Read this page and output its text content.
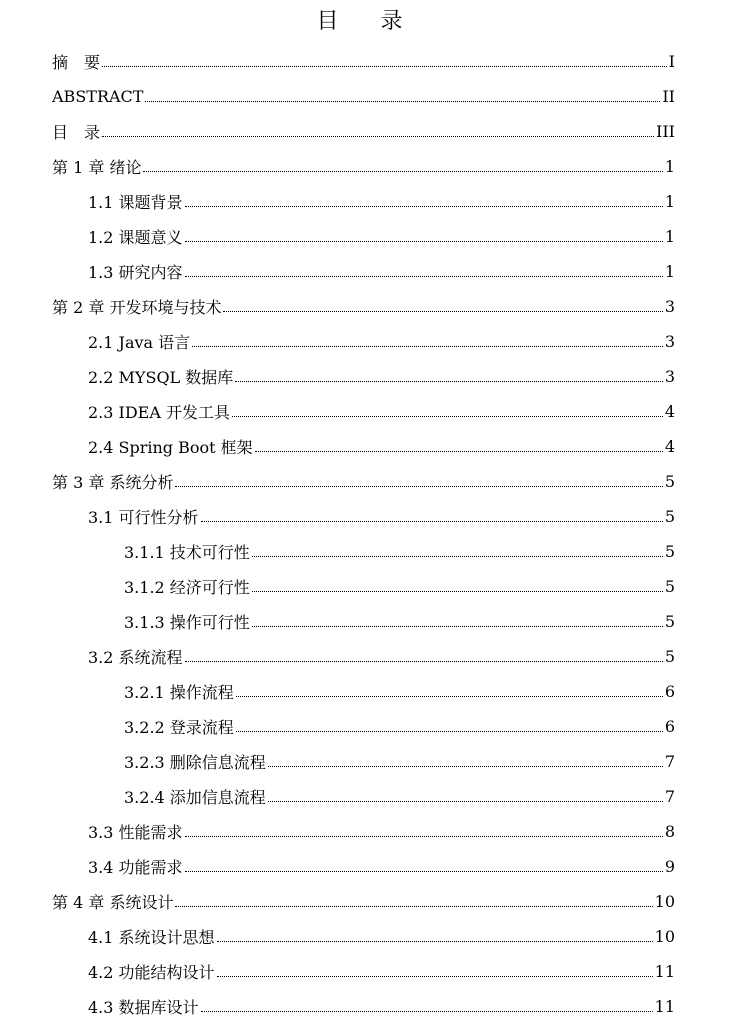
目　录
摘　要	I
ABSTRACT	II
目　录	III
第 1 章 绪论	1
1.1 课题背景	1
1.2 课题意义	1
1.3 研究内容	1
第 2 章 开发环境与技术	3
2.1 Java 语言	3
2.2 MYSQL 数据库	3
2.3 IDEA 开发工具	4
2.4 Spring Boot 框架	4
第 3 章 系统分析	5
3.1 可行性分析	5
3.1.1 技术可行性	5
3.1.2 经济可行性	5
3.1.3 操作可行性	5
3.2 系统流程	5
3.2.1 操作流程	6
3.2.2 登录流程	6
3.2.3 删除信息流程	7
3.2.4 添加信息流程	7
3.3 性能需求	8
3.4 功能需求	9
第 4 章 系统设计	10
4.1 系统设计思想	10
4.2 功能结构设计	11
4.3 数据库设计	11
